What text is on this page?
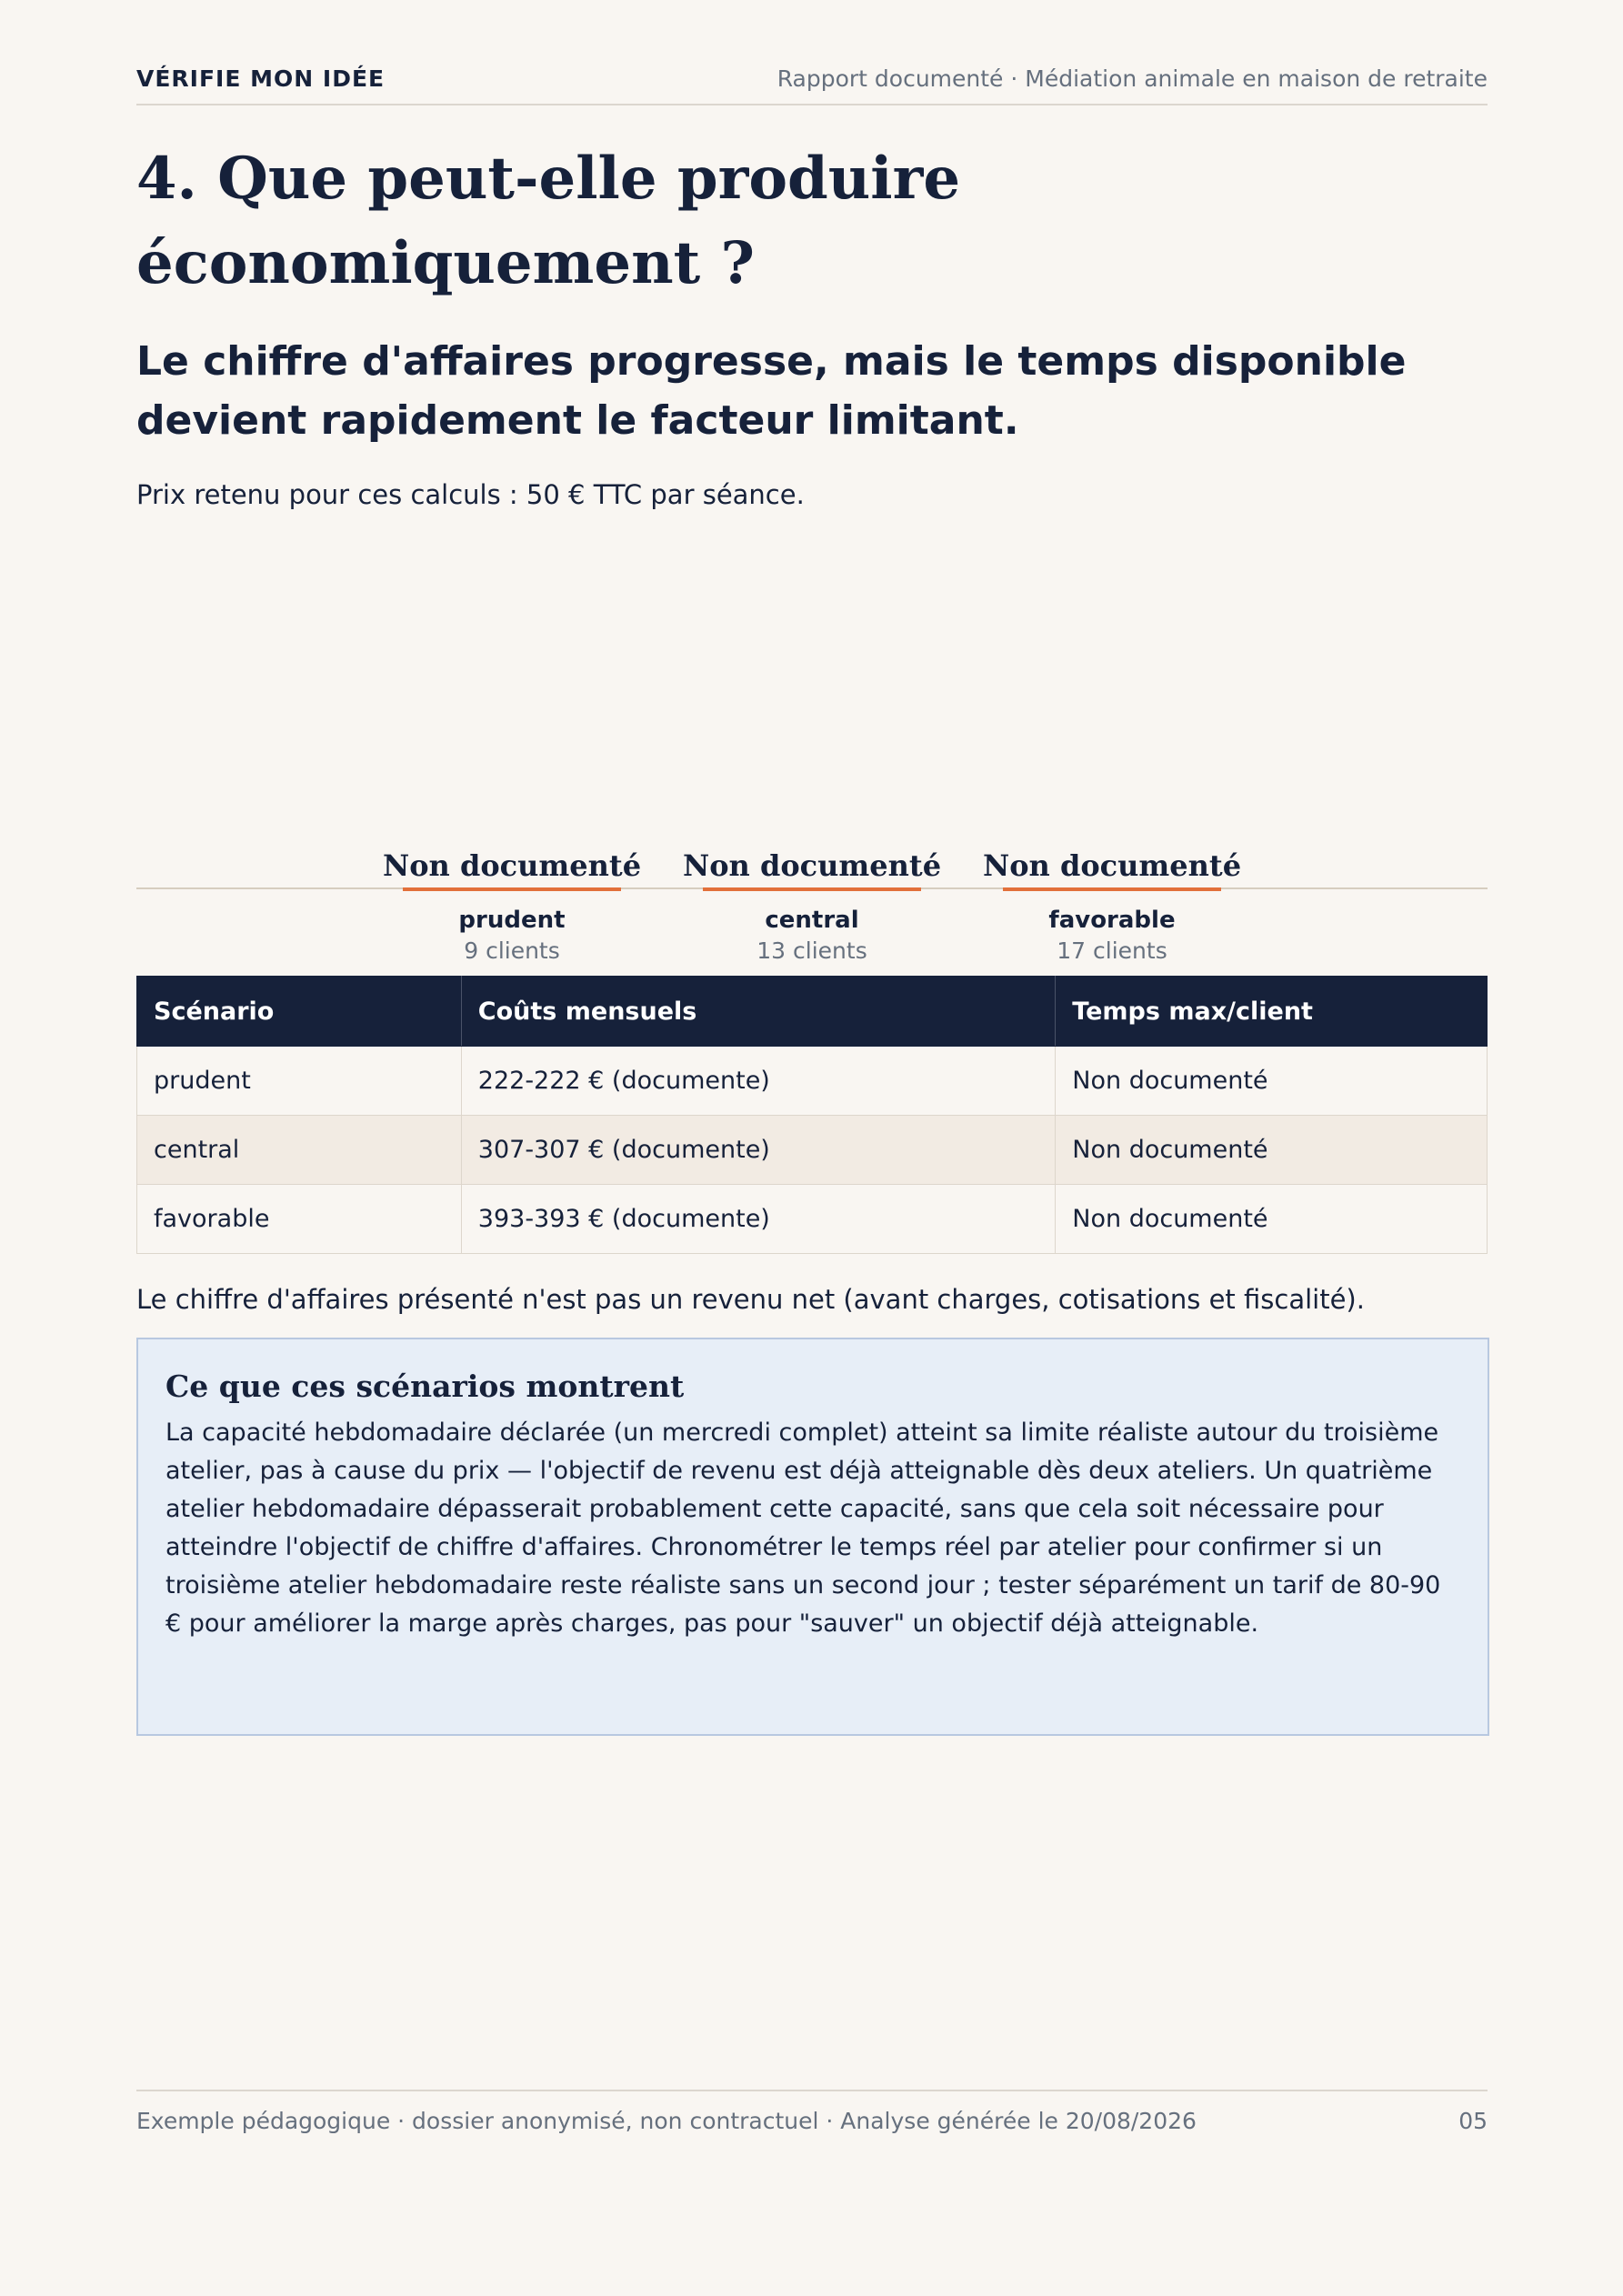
VÉRIFIE MON IDÉE	Rapport documenté · Médiation animale en maison de retraite
4. Que peut-elle produire économiquement ?
Le chiffre d'affaires progresse, mais le temps disponible devient rapidement le facteur limitant.
Prix retenu pour ces calculs : 50 € TTC par séance.
Non documenté
prudent
9 clients
Non documenté
central
13 clients
Non documenté
favorable
17 clients
Scénario	Coûts mensuels	Temps max/client
prudent	222-222 € (documente)	Non documenté
central	307-307 € (documente)	Non documenté
favorable	393-393 € (documente)	Non documenté
Le chiffre d'affaires présenté n'est pas un revenu net (avant charges, cotisations et fiscalité).
Ce que ces scénarios montrent

La capacité hebdomadaire déclarée (un mercredi complet) atteint sa limite réaliste autour du troisième atelier, pas à cause du prix — l'objectif de revenu est déjà atteignable dès deux ateliers. Un quatrième atelier hebdomadaire dépasserait probablement cette capacité, sans que cela soit nécessaire pour atteindre l'objectif de chiffre d'affaires. Chronométrer le temps réel par atelier pour confirmer si un troisième atelier hebdomadaire reste réaliste sans un second jour ; tester séparément un tarif de 80-90 € pour améliorer la marge après charges, pas pour "sauver" un objectif déjà atteignable.

Exemple pédagogique · dossier anonymisé, non contractuel · Analyse générée le 20/08/2026	05
